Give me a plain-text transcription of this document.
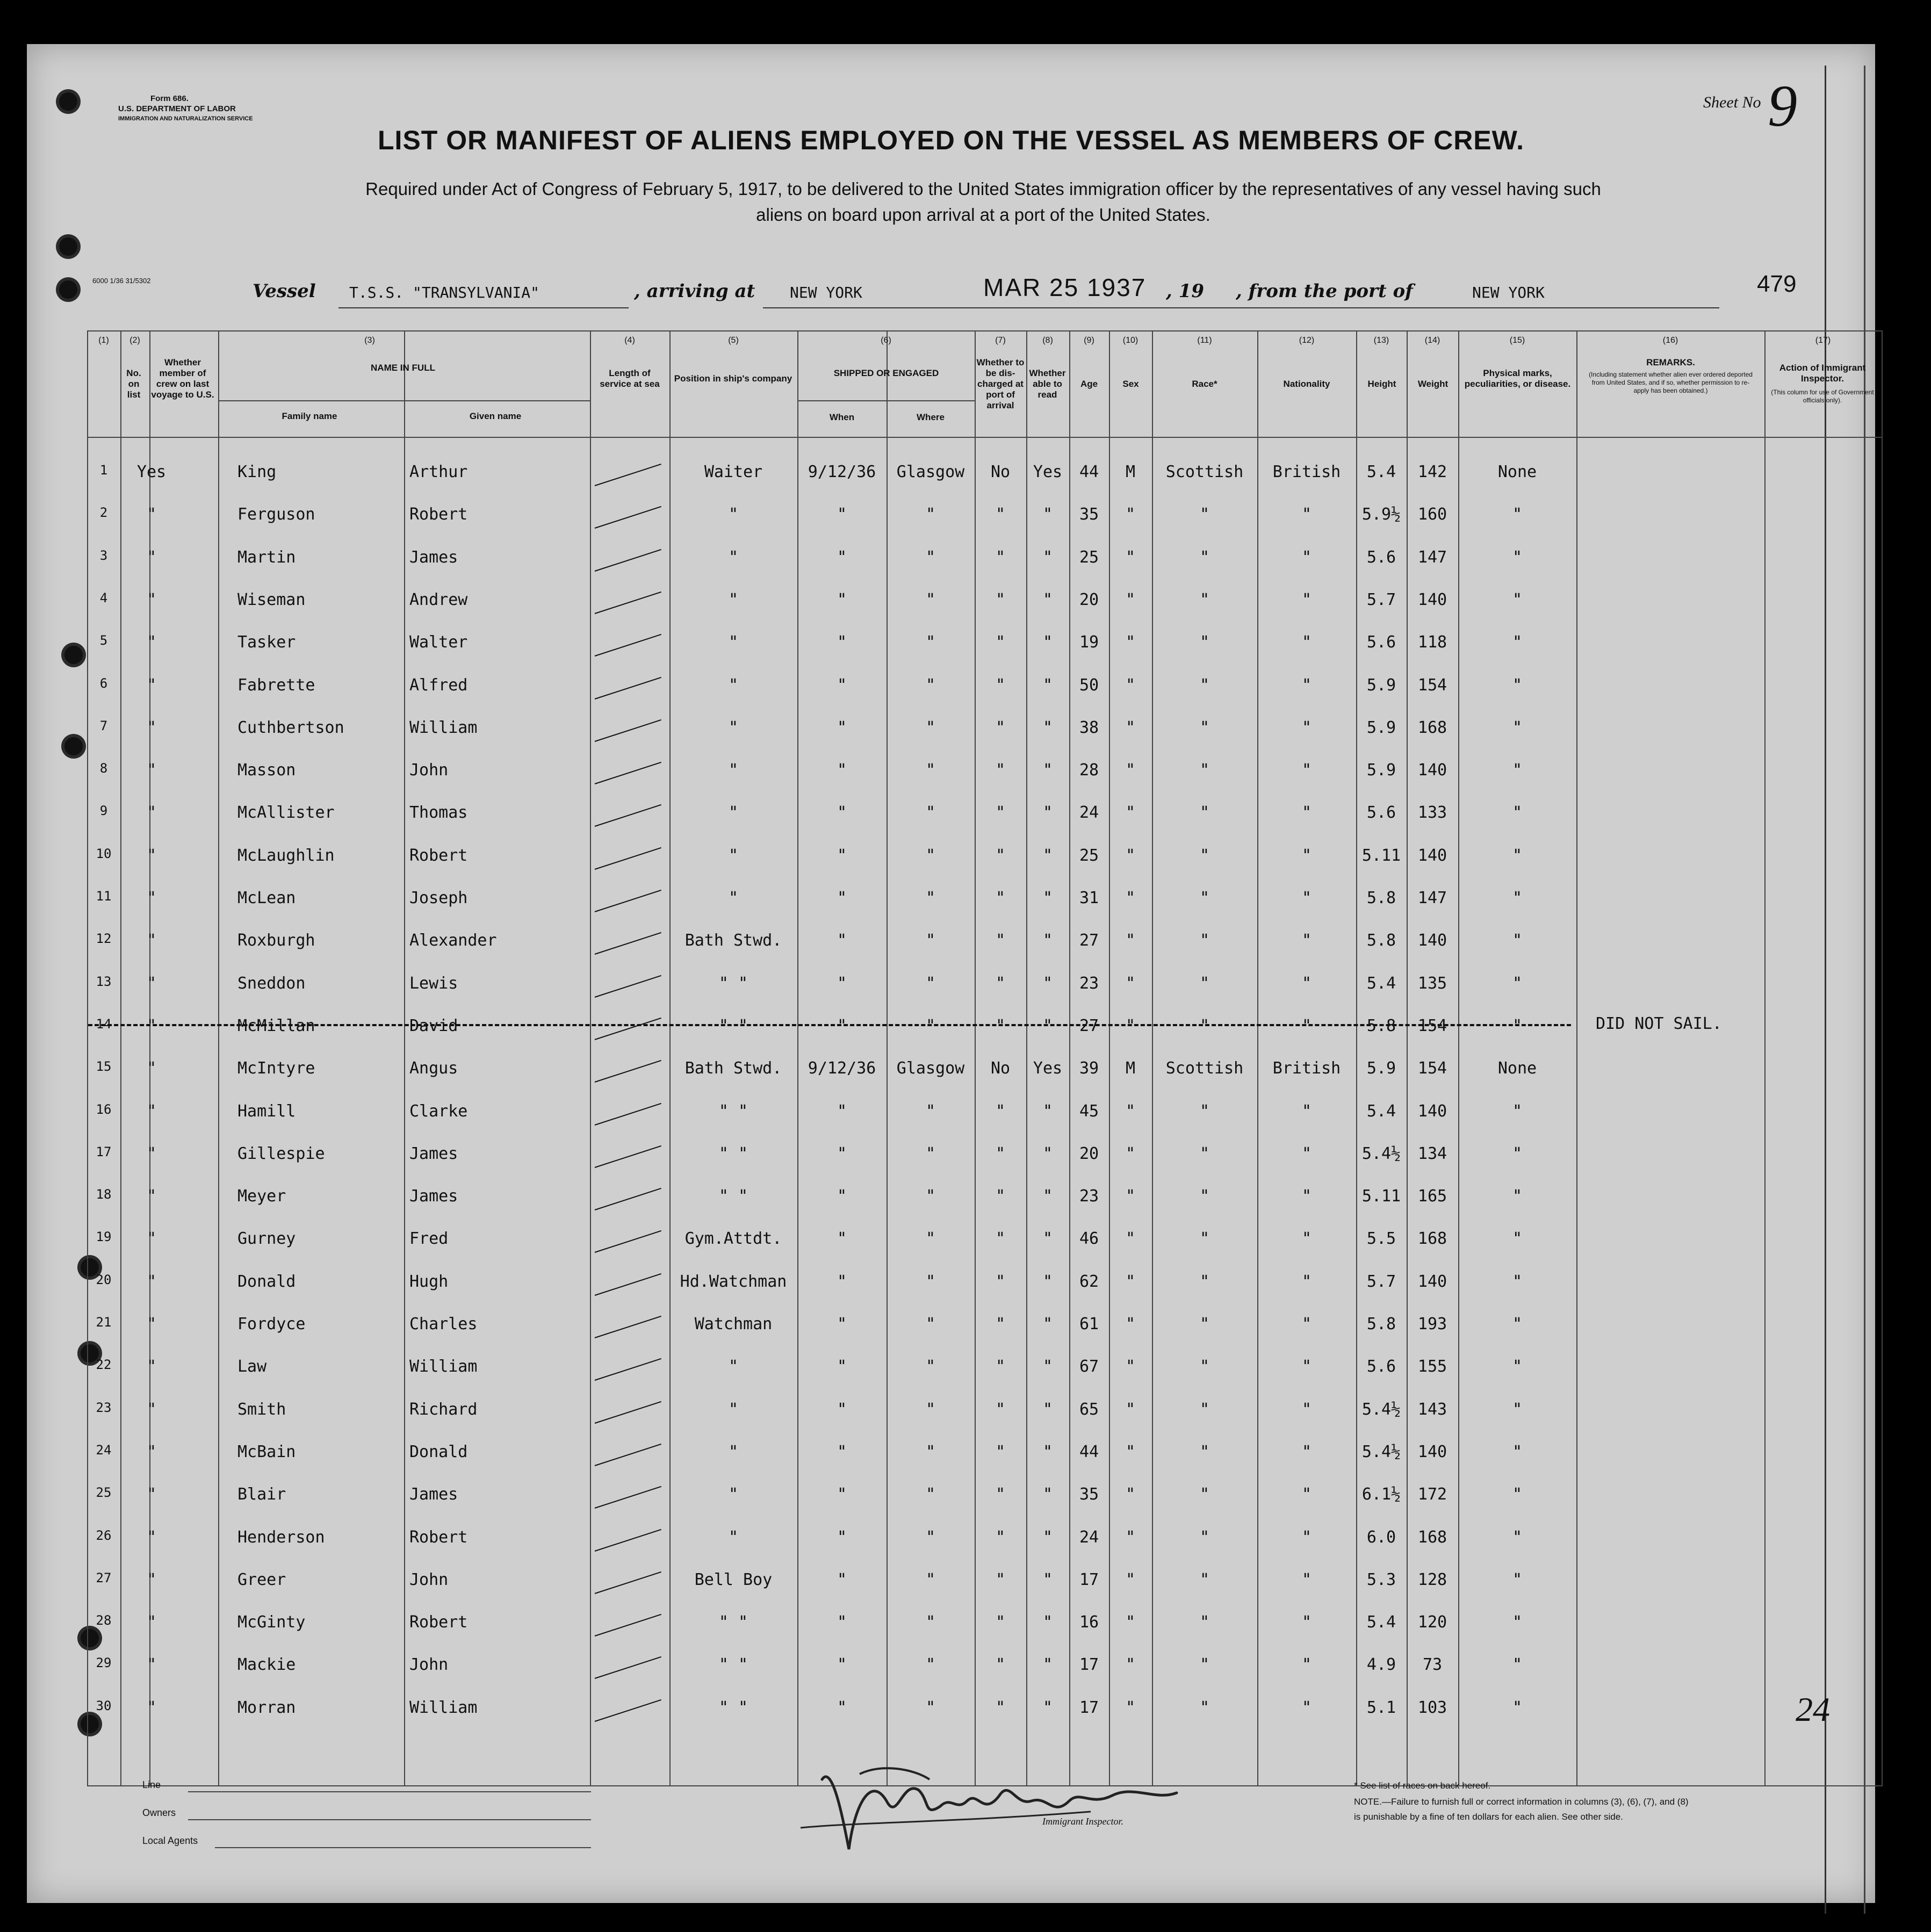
Form 686.
U.S. DEPARTMENT OF LABOR
IMMIGRATION AND NATURALIZATION SERVICE
6000 1/36 31/5302
Sheet No 9
LIST OR MANIFEST OF ALIENS EMPLOYED ON THE VESSEL AS MEMBERS OF CREW.
Required under Act of Congress of February 5, 1917, to be delivered to the United States immigration officer by the representatives of any vessel having such
aliens on board upon arrival at a port of the United States.
Vessel T.S.S. "TRANSYLVANIA"	, arriving at NEW YORK	MAR 25 1937 , 19 , from the port of	NEW YORK	479
No. on list
Whether member of crew on last voyage to U.S.
NAME IN FULL
Family name	Given name
Length of service at sea
Position in ship's company
SHIPPED OR ENGAGED
When	Where
Whether to be dis-charged at port of arrival
Whether able to read
Age	Sex	Race*	Nationality	Height	Weight
Physical marks, peculiarities, or disease.
REMARKS.
(Including statement whether alien ever ordered deported from United States, and if so, whether permission to re-apply has been obtained.)
Action of Immigrant Inspector.
(This column for use of Government officials only).
(1)	(2)	(3)	(4)	(5)	(6)	(7)	(8)	(9)	(10)	(11)	(12)	(13)	(14)	(15)	(16)	(17)
1	Yes	King	Arthur	Waiter	9/12/36	Glasgow	No	Yes	44	M	Scottish	British	5.4	142	None
2	"	Ferguson	Robert	"	"	"	"	"	35	"	"	"	5.9½	160	"
3	"	Martin	James	"	"	"	"	"	25	"	"	"	5.6	147	"
4	"	Wiseman	Andrew	"	"	"	"	"	20	"	"	"	5.7	140	"
5	"	Tasker	Walter	"	"	"	"	"	19	"	"	"	5.6	118	"
6	"	Fabrette	Alfred	"	"	"	"	"	50	"	"	"	5.9	154	"
7	"	Cuthbertson	William	"	"	"	"	"	38	"	"	"	5.9	168	"
8	"	Masson	John	"	"	"	"	"	28	"	"	"	5.9	140	"
9	"	McAllister	Thomas	"	"	"	"	"	24	"	"	"	5.6	133	"
10	"	McLaughlin	Robert	"	"	"	"	"	25	"	"	"	5.11	140	"
11	"	McLean	Joseph	"	"	"	"	"	31	"	"	"	5.8	147	"
12	"	Roxburgh	Alexander	Bath Stwd.	"	"	"	"	27	"	"	"	5.8	140	"
13	"	Sneddon	Lewis	" "	"	"	"	"	23	"	"	"	5.4	135	"
14	"	McMillan	David	" "	"	"	"	"	27	"	"	"	5.8	154	"	DID NOT SAIL.
15	"	McIntyre	Angus	Bath Stwd.	9/12/36	Glasgow	No	Yes	39	M	Scottish	British	5.9	154	None
16	"	Hamill	Clarke	" "	"	"	"	"	45	"	"	"	5.4	140	"
17	"	Gillespie	James	" "	"	"	"	"	20	"	"	"	5.4½	134	"
18	"	Meyer	James	" "	"	"	"	"	23	"	"	"	5.11	165	"
19	"	Gurney	Fred	Gym.Attdt.	"	"	"	"	46	"	"	"	5.5	168	"
20	"	Donald	Hugh	Hd.Watchman	"	"	"	"	62	"	"	"	5.7	140	"
21	"	Fordyce	Charles	Watchman	"	"	"	"	61	"	"	"	5.8	193	"
22	"	Law	William	"	"	"	"	"	67	"	"	"	5.6	155	"
23	"	Smith	Richard	"	"	"	"	"	65	"	"	"	5.4½	143	"
24	"	McBain	Donald	"	"	"	"	"	44	"	"	"	5.4½	140	"
25	"	Blair	James	"	"	"	"	"	35	"	"	"	6.1½	172	"
26	"	Henderson	Robert	"	"	"	"	"	24	"	"	"	6.0	168	"
27	"	Greer	John	Bell Boy	"	"	"	"	17	"	"	"	5.3	128	"
28	"	McGinty	Robert	" "	"	"	"	"	16	"	"	"	5.4	120	"
29	"	Mackie	John	" "	"	"	"	"	17	"	"	"	4.9	73	"
30	"	Morran	William	" "	"	"	"	"	17	"	"	"	5.1	103	"	24
Line
Owners
Local Agents
Immigrant Inspector.
* See list of races on back hereof.
NOTE.—Failure to furnish full or correct information in columns (3), (6), (7), and (8)
is punishable by a fine of ten dollars for each alien. See other side.
